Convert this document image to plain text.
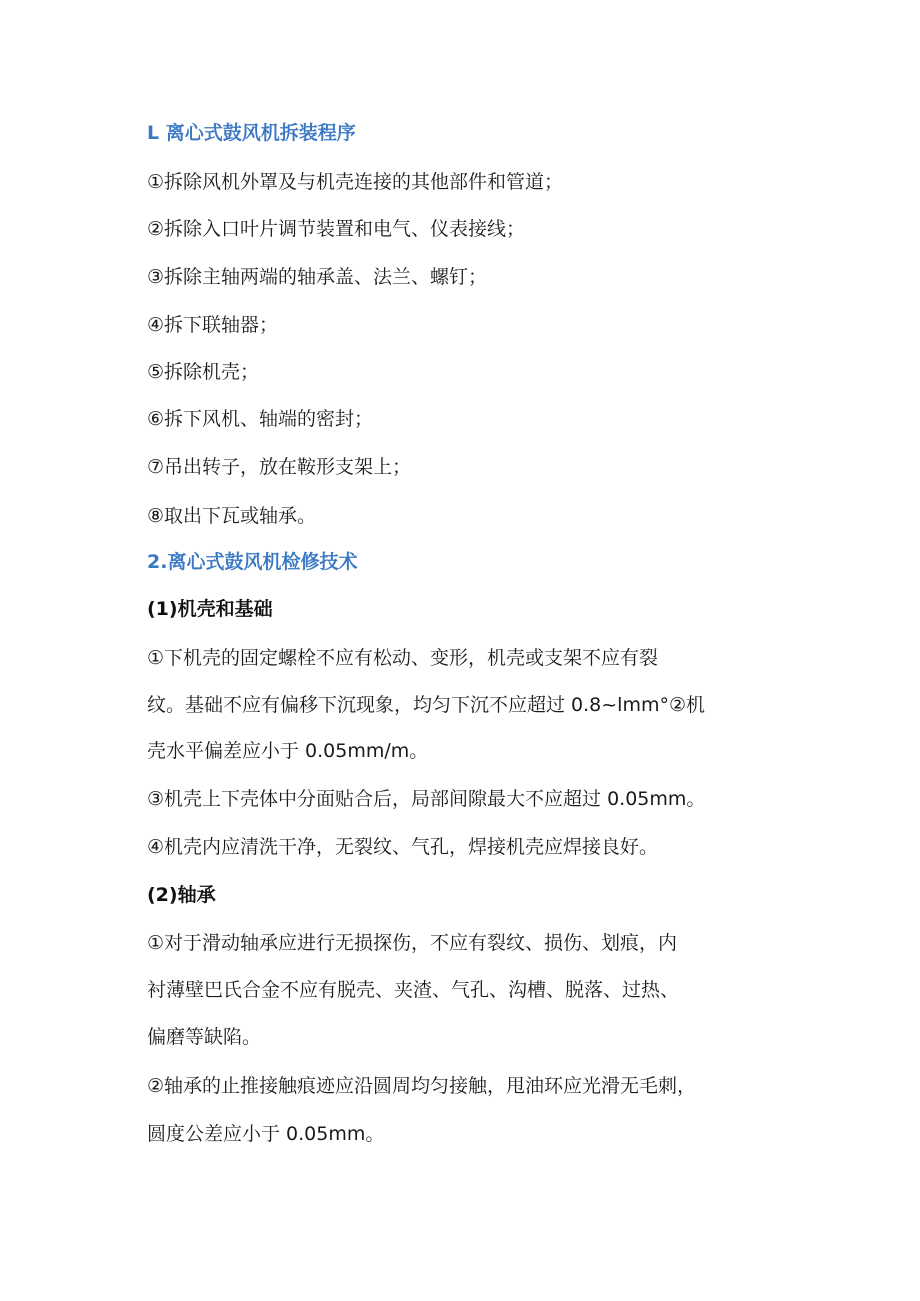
L 离心式鼓风机拆装程序
①拆除风机外罩及与机壳连接的其他部件和管道；
②拆除入口叶片调节装置和电气、仪表接线；
③拆除主轴两端的轴承盖、法兰、螺钉；
④拆下联轴器；
⑤拆除机壳；
⑥拆下风机、轴端的密封；
⑦吊出转子，放在鞍形支架上；
⑧取出下瓦或轴承。
2.离心式鼓风机检修技术
(1)机壳和基础
①下机壳的固定螺栓不应有松动、变形，机壳或支架不应有裂
纹。基础不应有偏移下沉现象，均匀下沉不应超过 0.8~lmm°②机
壳水平偏差应小于 0.05mm∕m。
③机壳上下壳体中分面贴合后，局部间隙最大不应超过 0.05mm。
④机壳内应清洗干净，无裂纹、气孔，焊接机壳应焊接良好。
(2)轴承
①对于滑动轴承应进行无损探伤，不应有裂纹、损伤、划痕，内
衬薄壁巴氏合金不应有脱壳、夹渣、气孔、沟槽、脱落、过热、
偏磨等缺陷。
②轴承的止推接触痕迹应沿圆周均匀接触，甩油环应光滑无毛刺，
圆度公差应小于 0.05mm。
